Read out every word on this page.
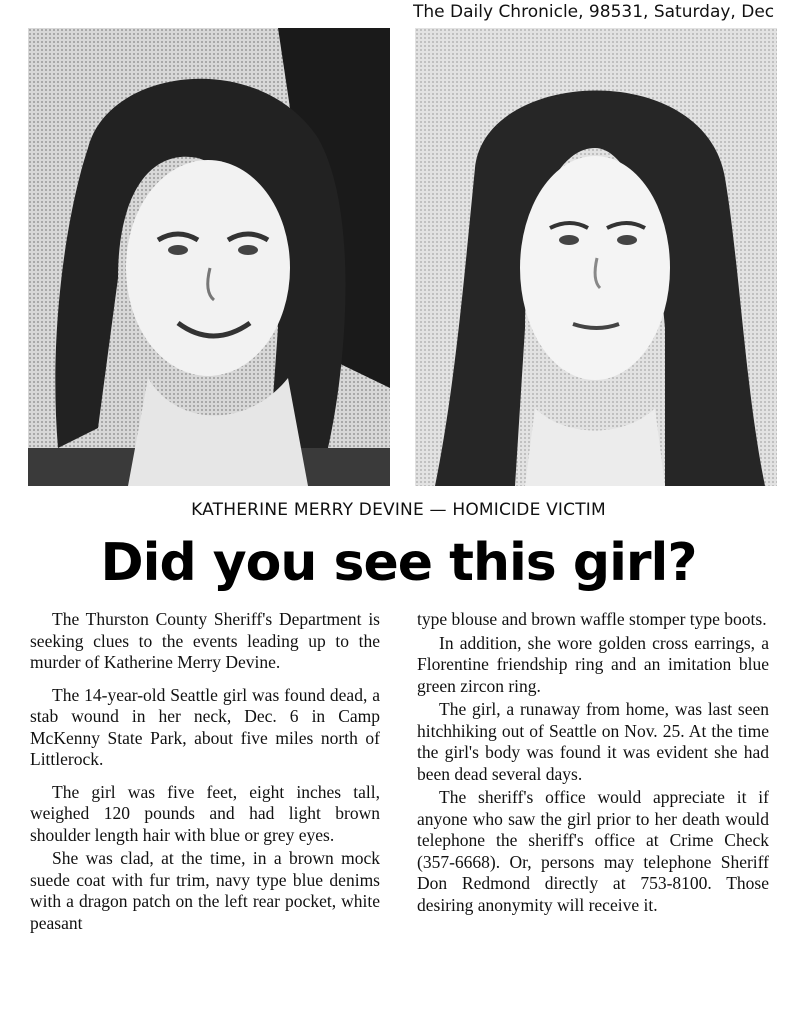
The Daily Chronicle, 98531, Saturday, Dec
KATHERINE MERRY DEVINE — HOMICIDE VICTIM
Did you see this girl?

The Thurston County Sheriff's Department is seeking clues to the events leading up to the murder of Katherine Merry Devine.

The 14-year-old Seattle girl was found dead, a stab wound in her neck, Dec. 6 in Camp McKenny State Park, about five miles north of Littlerock.

The girl was five feet, eight inches tall, weighed 120 pounds and had light brown shoulder length hair with blue or grey eyes.

She was clad, at the time, in a brown mock suede coat with fur trim, navy type blue denims with a dragon patch on the left rear pocket, white peasant

type blouse and brown waffle stomper type boots.

In addition, she wore golden cross earrings, a Florentine friendship ring and an imitation blue green zircon ring.

The girl, a runaway from home, was last seen hitchhiking out of Seattle on Nov. 25. At the time the girl's body was found it was evident she had been dead several days.

The sheriff's office would appreciate it if anyone who saw the girl prior to her death would telephone the sheriff's office at Crime Check (357-6668). Or, persons may telephone Sheriff Don Redmond directly at 753-8100. Those desiring anonymity will receive it.
